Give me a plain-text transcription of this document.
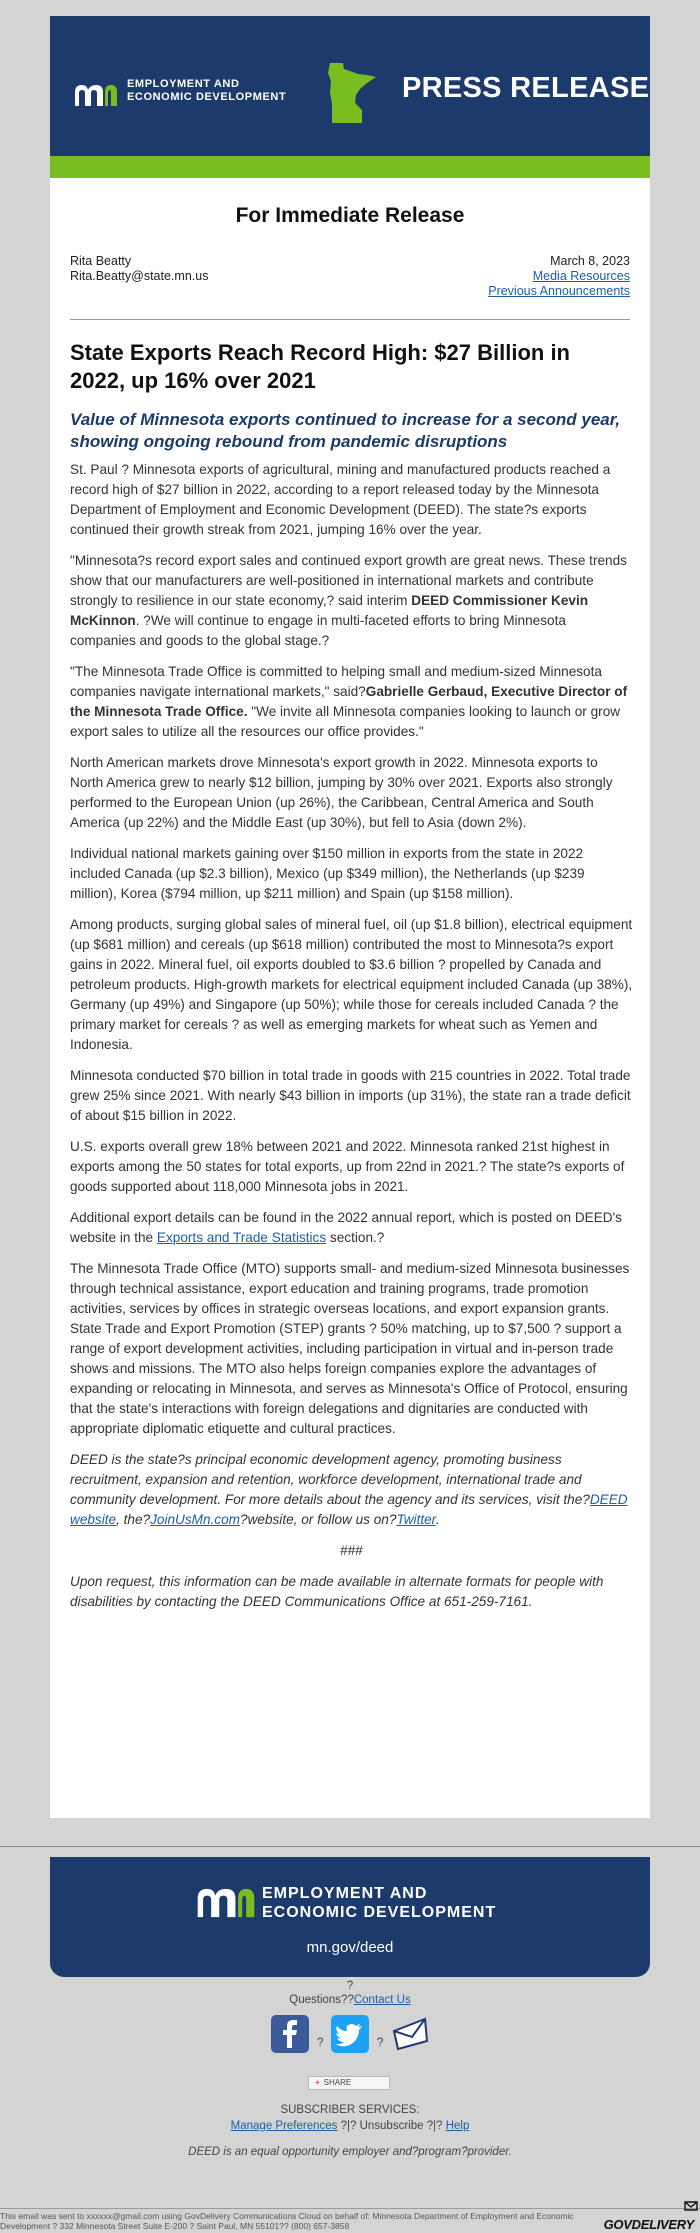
EMPLOYMENT AND
ECONOMIC DEVELOPMENT	PRESS RELEASE
For Immediate Release
Rita Beatty
Rita.Beatty@state.mn.us
March 8, 2023
Media Resources
Previous Announcements
State Exports Reach Record High: $27 Billion in 2022, up 16% over 2021
Value of Minnesota exports continued to increase for a second year, showing ongoing rebound from pandemic disruptions

St. Paul ? Minnesota exports of agricultural, mining and manufactured products reached a record high of $27 billion in 2022, according to a report released today by the Minnesota Department of Employment and Economic Development (DEED). The state?s exports continued their growth streak from 2021, jumping 16% over the year.

"Minnesota?s record export sales and continued export growth are great news. These trends show that our manufacturers are well-positioned in international markets and contribute strongly to resilience in our state economy,? said interim DEED Commissioner Kevin McKinnon. ?We will continue to engage in multi-faceted efforts to bring Minnesota companies and goods to the global stage.?

"The Minnesota Trade Office is committed to helping small and medium-sized Minnesota companies navigate international markets," said?Gabrielle Gerbaud, Executive Director of the Minnesota Trade Office. "We invite all Minnesota companies looking to launch or grow export sales to utilize all the resources our office provides."

North American markets drove Minnesota's export growth in 2022. Minnesota exports to North America grew to nearly $12 billion, jumping by 30% over 2021. Exports also strongly performed to the European Union (up 26%), the Caribbean, Central America and South America (up 22%) and the Middle East (up 30%), but fell to Asia (down 2%).

Individual national markets gaining over $150 million in exports from the state in 2022 included Canada (up $2.3 billion), Mexico (up $349 million), the Netherlands (up $239 million), Korea ($794 million, up $211 million) and Spain (up $158 million).

Among products, surging global sales of mineral fuel, oil (up $1.8 billion), electrical equipment (up $681 million) and cereals (up $618 million) contributed the most to Minnesota?s export gains in 2022. Mineral fuel, oil exports doubled to $3.6 billion ? propelled by Canada and petroleum products. High-growth markets for electrical equipment included Canada (up 38%), Germany (up 49%) and Singapore (up 50%); while those for cereals included Canada ? the primary market for cereals ? as well as emerging markets for wheat such as Yemen and Indonesia.

Minnesota conducted $70 billion in total trade in goods with 215 countries in 2022. Total trade grew 25% since 2021. With nearly $43 billion in imports (up 31%), the state ran a trade deficit of about $15 billion in 2022.

U.S. exports overall grew 18% between 2021 and 2022. Minnesota ranked 21st highest in exports among the 50 states for total exports, up from 22nd in 2021.? The state?s exports of goods supported about 118,000 Minnesota jobs in 2021.

Additional export details can be found in the 2022 annual report, which is posted on DEED's website in the Exports and Trade Statistics section.?

The Minnesota Trade Office (MTO) supports small- and medium-sized Minnesota businesses through technical assistance, export education and training programs, trade promotion activities, services by offices in strategic overseas locations, and export expansion grants. State Trade and Export Promotion (STEP) grants ? 50% matching, up to $7,500 ? support a range of export development activities, including participation in virtual and in-person trade shows and missions. The MTO also helps foreign companies explore the advantages of expanding or relocating in Minnesota, and serves as Minnesota's Office of Protocol, ensuring that the state's interactions with foreign delegations and dignitaries are conducted with appropriate diplomatic etiquette and cultural practices.

DEED is the state?s principal economic development agency, promoting business recruitment, expansion and retention, workforce development, international trade and community development. For more details about the agency and its services, visit the?DEED website, the?JoinUsMn.com?website, or follow us on?Twitter.

###

Upon request, this information can be made available in alternate formats for people with disabilities by contacting the DEED Communications Office at 651-259-7161.

EMPLOYMENT AND
ECONOMIC DEVELOPMENT
mn.gov/deed
?
Questions??Contact Us
?	?
+ SHARE
SUBSCRIBER SERVICES:
Manage Preferences ?|? Unsubscribe ?|? Help
DEED is an equal opportunity employer and?program?provider.
This email was sent to xxxxxx@gmail.com using GovDelivery Communications Cloud on behalf of: Minnesota Department of Employment and Economic Development ? 332 Minnesota Street Suite E-200 ? Saint Paul, MN 55101?? (800) 657-3858	GOVDELIVERY
